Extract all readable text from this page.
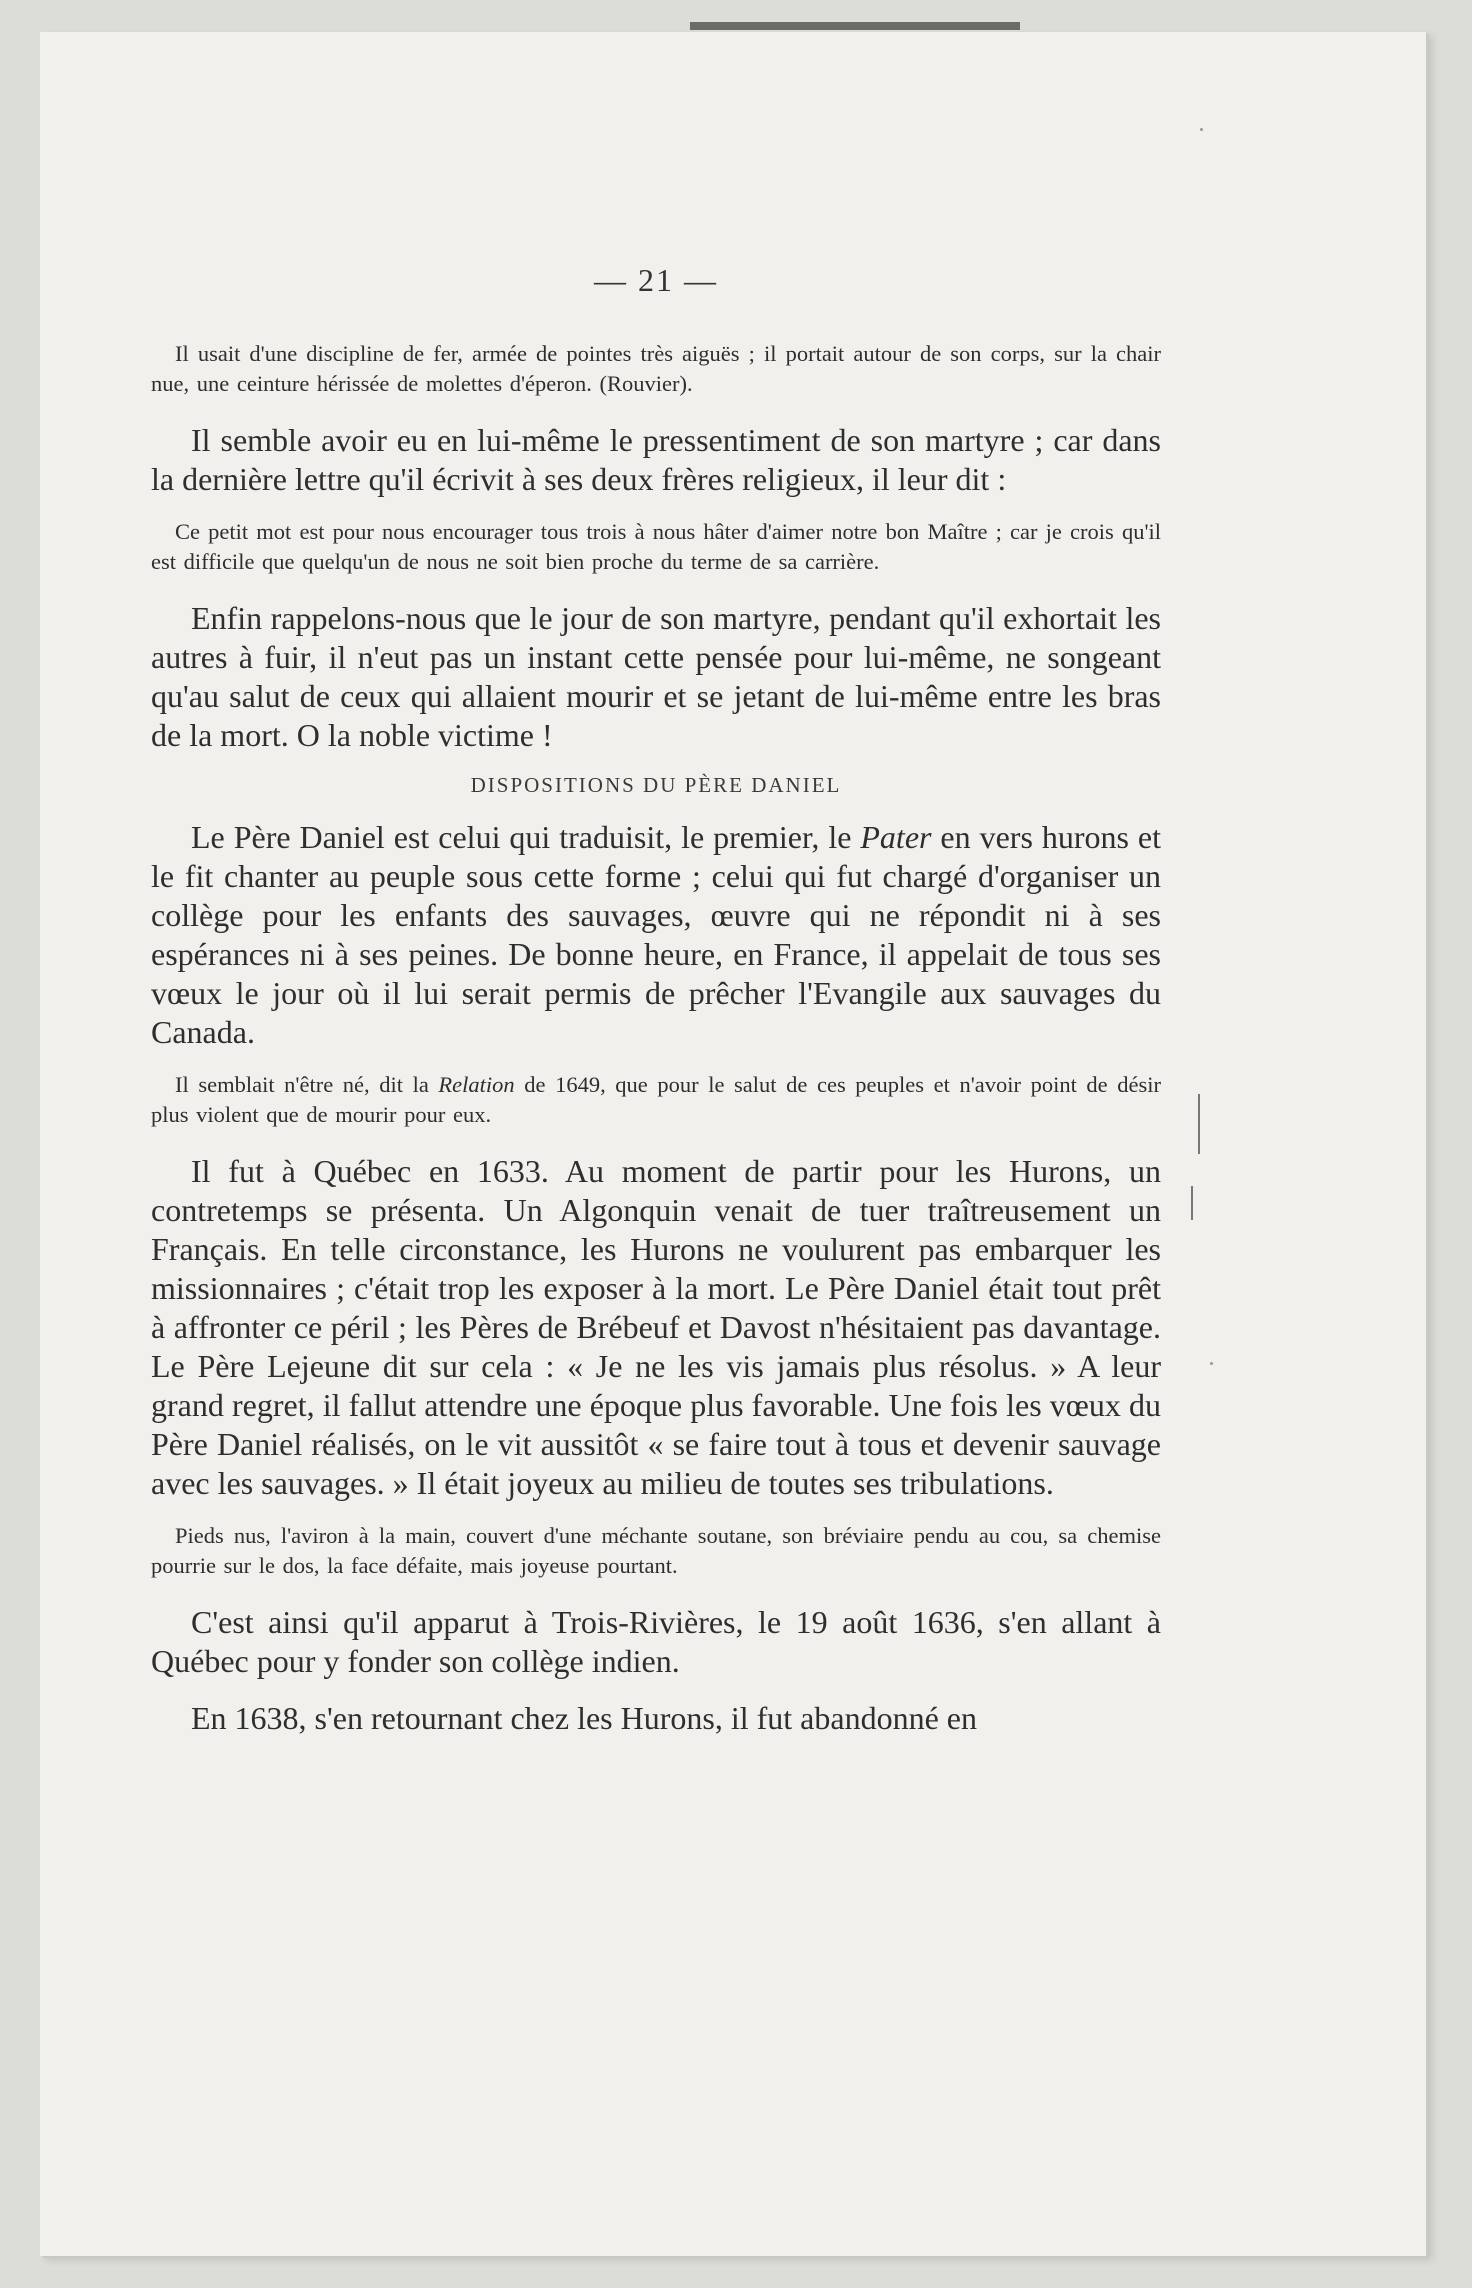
— 21 —

Il usait d'une discipline de fer, armée de pointes très aiguës ; il portait autour de son corps, sur la chair nue, une ceinture hérissée de molettes d'éperon. (Rouvier).

Il semble avoir eu en lui-même le pressentiment de son martyre ; car dans la dernière lettre qu'il écrivit à ses deux frères religieux, il leur dit :

Ce petit mot est pour nous encourager tous trois à nous hâter d'aimer notre bon Maître ; car je crois qu'il est difficile que quelqu'un de nous ne soit bien proche du terme de sa carrière.

Enfin rappelons-nous que le jour de son martyre, pendant qu'il exhortait les autres à fuir, il n'eut pas un instant cette pensée pour lui-même, ne songeant qu'au salut de ceux qui allaient mourir et se jetant de lui-même entre les bras de la mort. O la noble victime !

DISPOSITIONS DU PÈRE DANIEL

Le Père Daniel est celui qui traduisit, le premier, le Pater en vers hurons et le fit chanter au peuple sous cette forme ; celui qui fut chargé d'organiser un collège pour les enfants des sauvages, œuvre qui ne répondit ni à ses espérances ni à ses peines. De bonne heure, en France, il appelait de tous ses vœux le jour où il lui serait permis de prêcher l'Evangile aux sauvages du Canada.

Il semblait n'être né, dit la Relation de 1649, que pour le salut de ces peuples et n'avoir point de désir plus violent que de mourir pour eux.

Il fut à Québec en 1633. Au moment de partir pour les Hurons, un contretemps se présenta. Un Algonquin venait de tuer traîtreusement un Français. En telle circonstance, les Hurons ne voulurent pas embarquer les missionnaires ; c'était trop les exposer à la mort. Le Père Daniel était tout prêt à affronter ce péril ; les Pères de Brébeuf et Davost n'hésitaient pas davantage. Le Père Lejeune dit sur cela : « Je ne les vis jamais plus résolus. » A leur grand regret, il fallut attendre une époque plus favorable. Une fois les vœux du Père Daniel réalisés, on le vit aussitôt « se faire tout à tous et devenir sauvage avec les sauvages. » Il était joyeux au milieu de toutes ses tribulations.

Pieds nus, l'aviron à la main, couvert d'une méchante soutane, son bréviaire pendu au cou, sa chemise pourrie sur le dos, la face défaite, mais joyeuse pourtant.

C'est ainsi qu'il apparut à Trois-Rivières, le 19 août 1636, s'en allant à Québec pour y fonder son collège indien.

En 1638, s'en retournant chez les Hurons, il fut abandonné en
